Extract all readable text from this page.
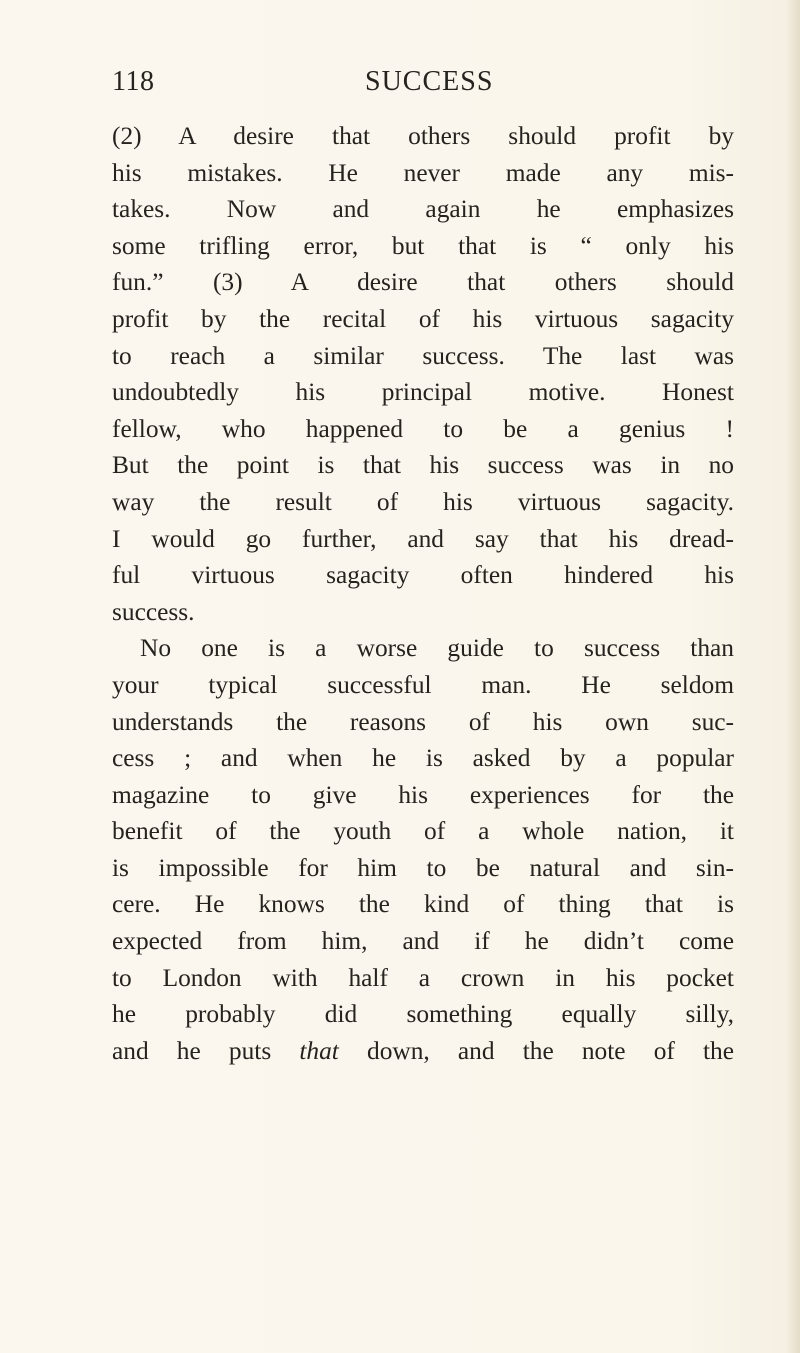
118	SUCCESS
(2) A desire that others should profit by
his mistakes. He never made any mis-
takes. Now and again he emphasizes
some trifling error, but that is “ only his
fun.” (3) A desire that others should
profit by the recital of his virtuous sagacity
to reach a similar success. The last was
undoubtedly his principal motive. Honest
fellow, who happened to be a genius !
But the point is that his success was in no
way the result of his virtuous sagacity.
I would go further, and say that his dread-
ful virtuous sagacity often hindered his
success.
No one is a worse guide to success than
your typical successful man. He seldom
understands the reasons of his own suc-
cess ; and when he is asked by a popular
magazine to give his experiences for the
benefit of the youth of a whole nation, it
is impossible for him to be natural and sin-
cere. He knows the kind of thing that is
expected from him, and if he didn’t come
to London with half a crown in his pocket
he probably did something equally silly,
and he puts that down, and the note of the
